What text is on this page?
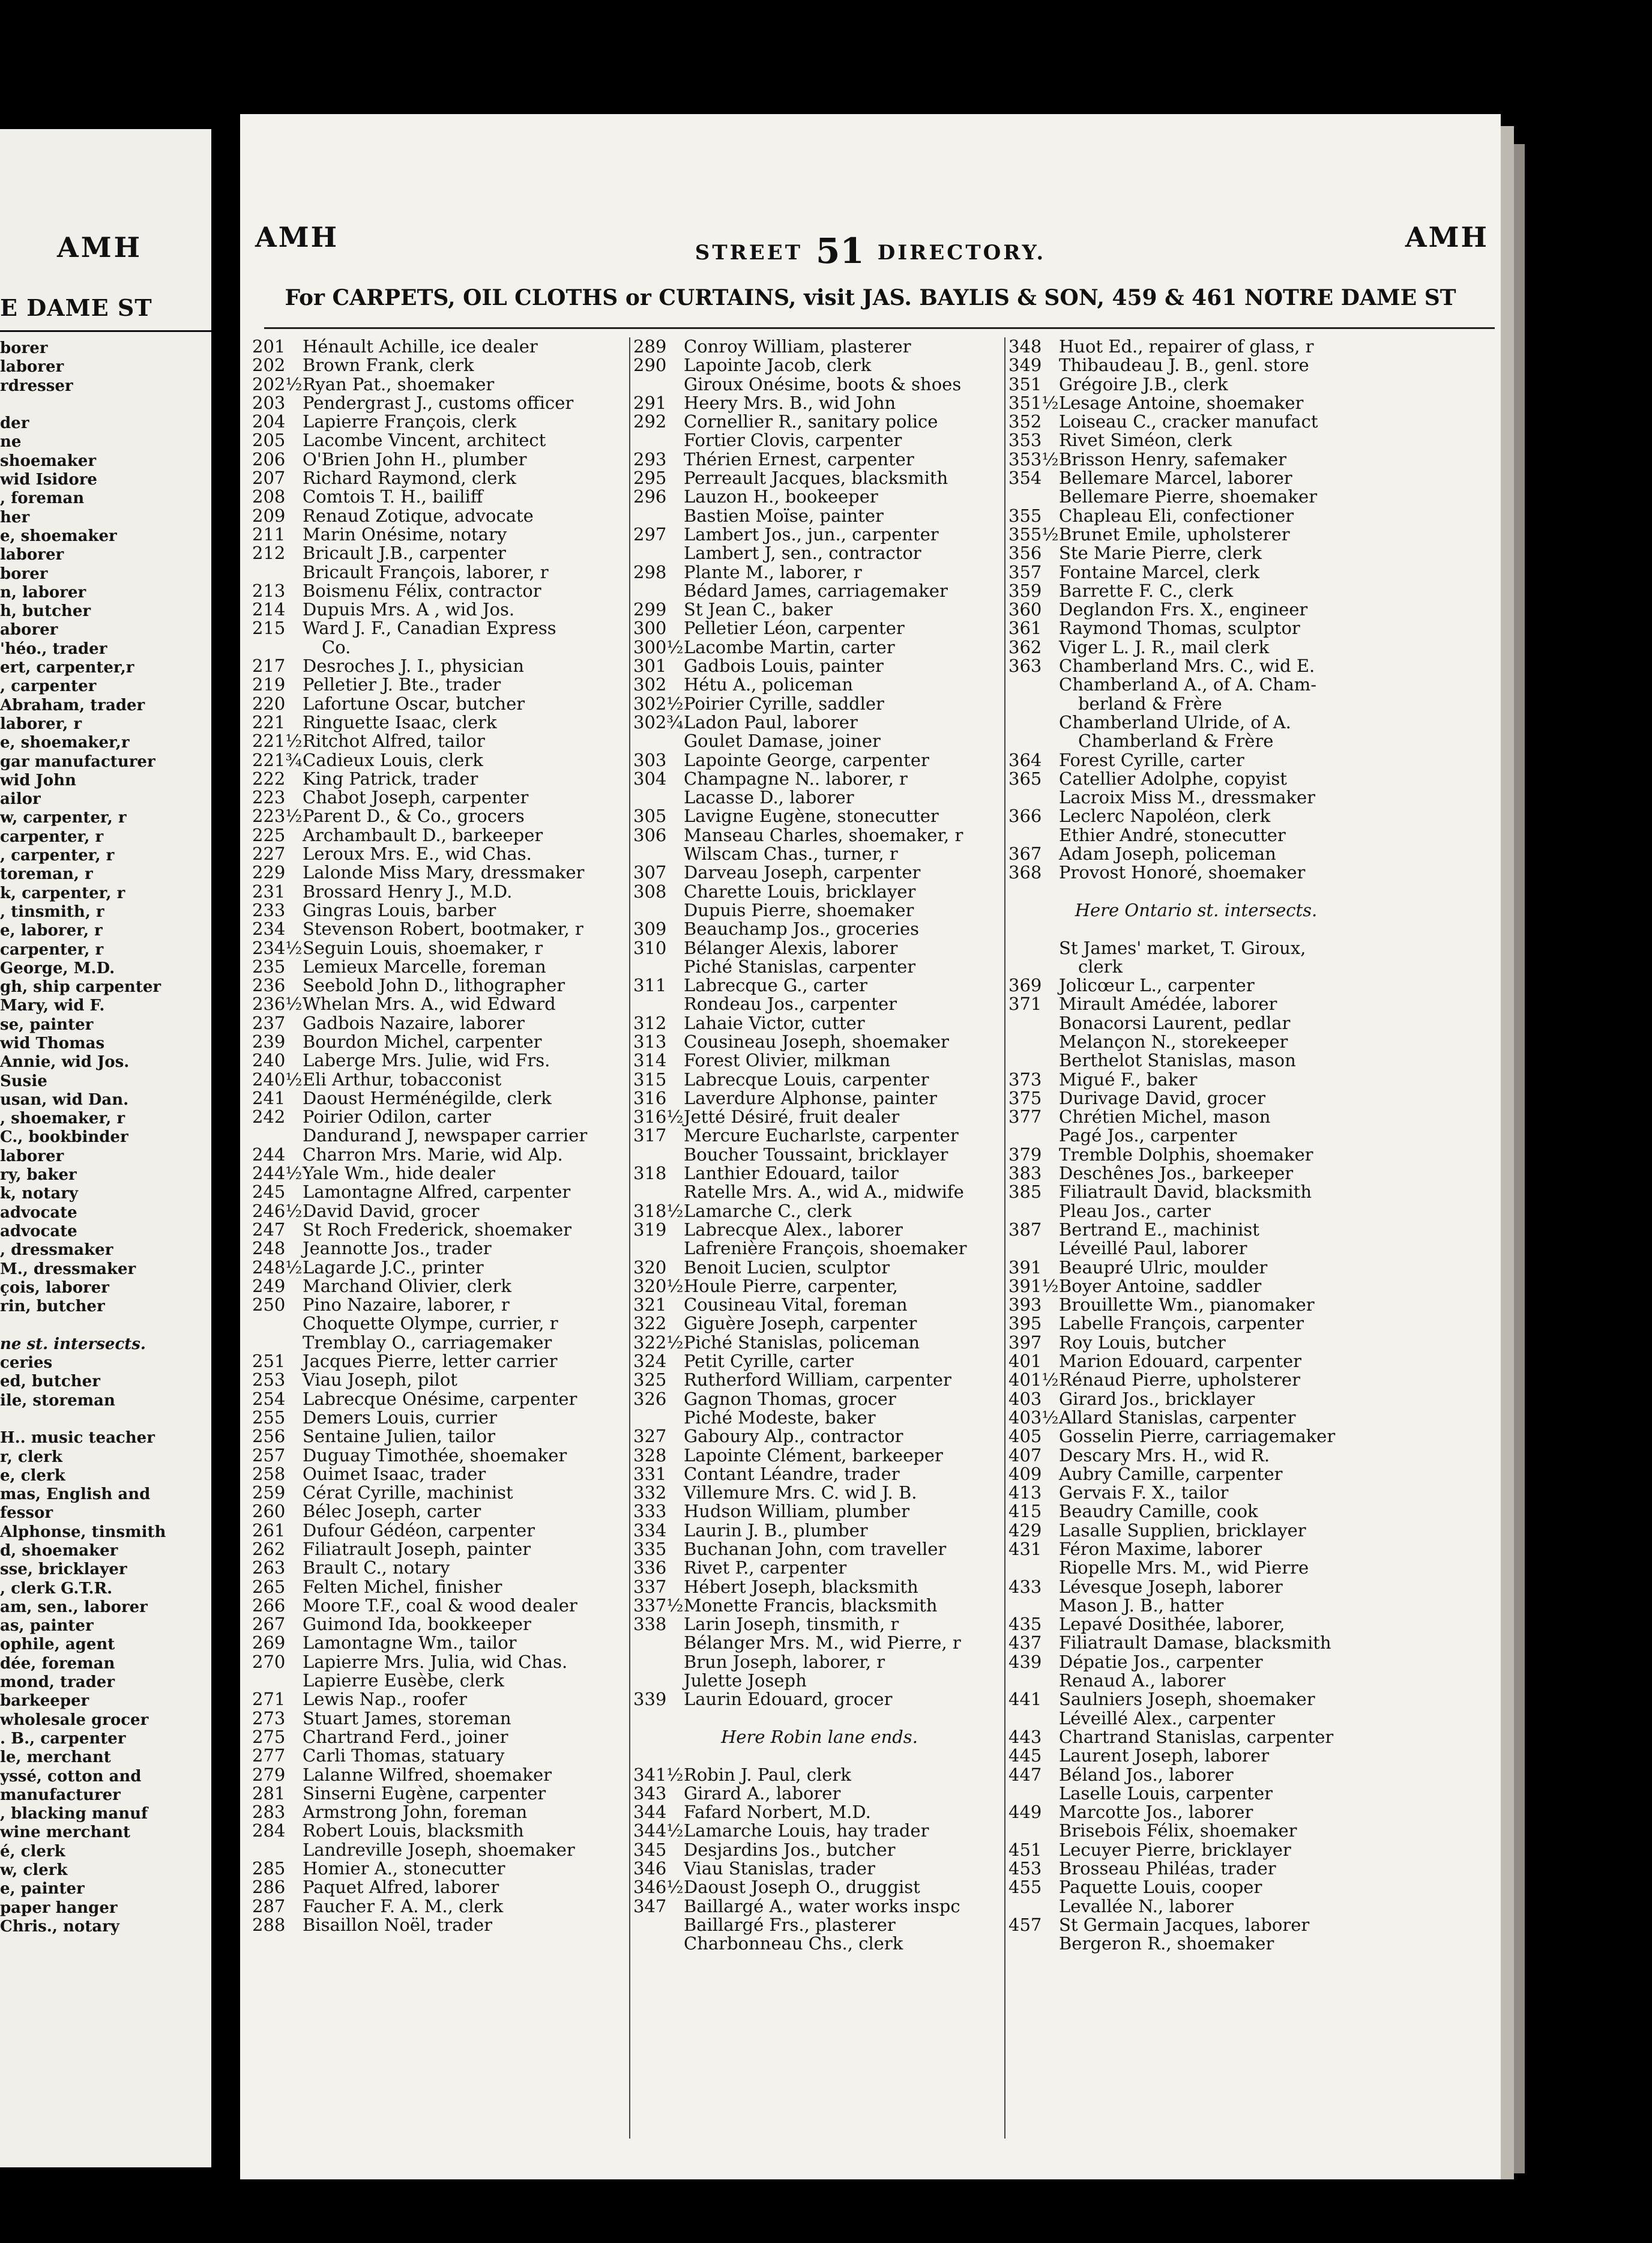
AMH
E DAME ST
borer
laborer
rdresser
der
ne
shoemaker
wid Isidore
, foreman
her
e, shoemaker
laborer
borer
n, laborer
h, butcher
aborer
'héo., trader
ert, carpenter,r
, carpenter
Abraham, trader
laborer, r
e, shoemaker,r
gar manufacturer
wid John
ailor
w, carpenter, r
carpenter, r
, carpenter, r
toreman, r
k, carpenter, r
, tinsmith, r
e, laborer, r
carpenter, r
George, M.D.
gh, ship carpenter
Mary, wid F.
se, painter
wid Thomas
Annie, wid Jos.
Susie
usan, wid Dan.
, shoemaker, r
C., bookbinder
laborer
ry, baker
k, notary
advocate
advocate
, dressmaker
M., dressmaker
çois, laborer
rin, butcher
ne st. intersects.
ceries
ed, butcher
ile, storeman
H.. music teacher
r, clerk
e, clerk
mas, English and
fessor
Alphonse, tinsmith
d, shoemaker
sse, bricklayer
, clerk G.T.R.
am, sen., laborer
as, painter
ophile, agent
dée, foreman
mond, trader
barkeeper
wholesale grocer
. B., carpenter
le, merchant
yssé, cotton and
manufacturer
, blacking manuf
wine merchant
é, clerk
w, clerk
e, painter
paper hanger
Chris., notary
AMH	STREET 51 DIRECTORY.	AMH
For CARPETS, OIL CLOTHS or CURTAINS, visit JAS. BAYLIS & SON, 459 & 461 NOTRE DAME ST
201 Hénault Achille, ice dealer
202 Brown Frank, clerk
202½Ryan Pat., shoemaker
203 Pendergrast J., customs officer
204 Lapierre François, clerk
205 Lacombe Vincent, architect
206 O'Brien John H., plumber
207 Richard Raymond, clerk
208 Comtois T. H., bailiff
209 Renaud Zotique, advocate
211 Marin Onésime, notary
212 Bricault J.B., carpenter
Bricault François, laborer, r
213 Boismenu Félix, contractor
214 Dupuis Mrs. A , wid Jos.
215 Ward J. F., Canadian Express
Co.
217 Desroches J. I., physician
219 Pelletier J. Bte., trader
220 Lafortune Oscar, butcher
221 Ringuette Isaac, clerk
221½Ritchot Alfred, tailor
221¾Cadieux Louis, clerk
222 King Patrick, trader
223 Chabot Joseph, carpenter
223½Parent D., & Co., grocers
225 Archambault D., barkeeper
227 Leroux Mrs. E., wid Chas.
229 Lalonde Miss Mary, dressmaker
231 Brossard Henry J., M.D.
233 Gingras Louis, barber
234 Stevenson Robert, bootmaker, r
234½Seguin Louis, shoemaker, r
235 Lemieux Marcelle, foreman
236 Seebold John D., lithographer
236½Whelan Mrs. A., wid Edward
237 Gadbois Nazaire, laborer
239 Bourdon Michel, carpenter
240 Laberge Mrs. Julie, wid Frs.
240½Eli Arthur, tobacconist
241 Daoust Herménégilde, clerk
242 Poirier Odilon, carter
Dandurand J, newspaper carrier
244 Charron Mrs. Marie, wid Alp.
244½Yale Wm., hide dealer
245 Lamontagne Alfred, carpenter
246½David David, grocer
247 St Roch Frederick, shoemaker
248 Jeannotte Jos., trader
248½Lagarde J.C., printer
249 Marchand Olivier, clerk
250 Pino Nazaire, laborer, r
Choquette Olympe, currier, r
Tremblay O., carriagemaker
251 Jacques Pierre, letter carrier
253 Viau Joseph, pilot
254 Labrecque Onésime, carpenter
255 Demers Louis, currier
256 Sentaine Julien, tailor
257 Duguay Timothée, shoemaker
258 Ouimet Isaac, trader
259 Cérat Cyrille, machinist
260 Bélec Joseph, carter
261 Dufour Gédéon, carpenter
262 Filiatrault Joseph, painter
263 Brault C., notary
265 Felten Michel, finisher
266 Moore T.F., coal & wood dealer
267 Guimond Ida, bookkeeper
269 Lamontagne Wm., tailor
270 Lapierre Mrs. Julia, wid Chas.
Lapierre Eusèbe, clerk
271 Lewis Nap., roofer
273 Stuart James, storeman
275 Chartrand Ferd., joiner
277 Carli Thomas, statuary
279 Lalanne Wilfred, shoemaker
281 Sinserni Eugène, carpenter
283 Armstrong John, foreman
284 Robert Louis, blacksmith
Landreville Joseph, shoemaker
285 Homier A., stonecutter
286 Paquet Alfred, laborer
287 Faucher F. A. M., clerk
288 Bisaillon Noël, trader
289 Conroy William, plasterer
290 Lapointe Jacob, clerk
Giroux Onésime, boots & shoes
291 Heery Mrs. B., wid John
292 Cornellier R., sanitary police
Fortier Clovis, carpenter
293 Thérien Ernest, carpenter
295 Perreault Jacques, blacksmith
296 Lauzon H., bookeeper
Bastien Moïse, painter
297 Lambert Jos., jun., carpenter
Lambert J, sen., contractor
298 Plante M., laborer, r
Bédard James, carriagemaker
299 St Jean C., baker
300 Pelletier Léon, carpenter
300½Lacombe Martin, carter
301 Gadbois Louis, painter
302 Hétu A., policeman
302½Poirier Cyrille, saddler
302¾Ladon Paul, laborer
Goulet Damase, joiner
303 Lapointe George, carpenter
304 Champagne N.. laborer, r
Lacasse D., laborer
305 Lavigne Eugène, stonecutter
306 Manseau Charles, shoemaker, r
Wilscam Chas., turner, r
307 Darveau Joseph, carpenter
308 Charette Louis, bricklayer
Dupuis Pierre, shoemaker
309 Beauchamp Jos., groceries
310 Bélanger Alexis, laborer
Piché Stanislas, carpenter
311 Labrecque G., carter
Rondeau Jos., carpenter
312 Lahaie Victor, cutter
313 Cousineau Joseph, shoemaker
314 Forest Olivier, milkman
315 Labrecque Louis, carpenter
316 Laverdure Alphonse, painter
316½Jetté Désiré, fruit dealer
317 Mercure Eucharlste, carpenter
Boucher Toussaint, bricklayer
318 Lanthier Edouard, tailor
Ratelle Mrs. A., wid A., midwife
318½Lamarche C., clerk
319 Labrecque Alex., laborer
Lafrenière François, shoemaker
320 Benoit Lucien, sculptor
320½Houle Pierre, carpenter,
321 Cousineau Vital, foreman
322 Giguère Joseph, carpenter
322½Piché Stanislas, policeman
324 Petit Cyrille, carter
325 Rutherford William, carpenter
326 Gagnon Thomas, grocer
Piché Modeste, baker
327 Gaboury Alp., contractor
328 Lapointe Clément, barkeeper
331 Contant Léandre, trader
332 Villemure Mrs. C. wid J. B.
333 Hudson William, plumber
334 Laurin J. B., plumber
335 Buchanan John, com traveller
336 Rivet P., carpenter
337 Hébert Joseph, blacksmith
337½Monette Francis, blacksmith
338 Larin Joseph, tinsmith, r
Bélanger Mrs. M., wid Pierre, r
Brun Joseph, laborer, r
Julette Joseph
339 Laurin Edouard, grocer
Here Robin lane ends.
341½Robin J. Paul, clerk
343 Girard A., laborer
344 Fafard Norbert, M.D.
344½Lamarche Louis, hay trader
345 Desjardins Jos., butcher
346 Viau Stanislas, trader
346½Daoust Joseph O., druggist
347 Baillargé A., water works inspc
Baillargé Frs., plasterer
Charbonneau Chs., clerk
348 Huot Ed., repairer of glass, r
349 Thibaudeau J. B., genl. store
351 Grégoire J.B., clerk
351½Lesage Antoine, shoemaker
352 Loiseau C., cracker manufact
353 Rivet Siméon, clerk
353½Brisson Henry, safemaker
354 Bellemare Marcel, laborer
Bellemare Pierre, shoemaker
355 Chapleau Eli, confectioner
355½Brunet Emile, upholsterer
356 Ste Marie Pierre, clerk
357 Fontaine Marcel, clerk
359 Barrette F. C., clerk
360 Deglandon Frs. X., engineer
361 Raymond Thomas, sculptor
362 Viger L. J. R., mail clerk
363 Chamberland Mrs. C., wid E.
Chamberland A., of A. Cham-
berland & Frère
Chamberland Ulride, of A.
Chamberland & Frère
364 Forest Cyrille, carter
365 Catellier Adolphe, copyist
Lacroix Miss M., dressmaker
366 Leclerc Napoléon, clerk
Ethier André, stonecutter
367 Adam Joseph, policeman
368 Provost Honoré, shoemaker
Here Ontario st. intersects.
St James' market, T. Giroux,
clerk
369 Jolicœur L., carpenter
371 Mirault Amédée, laborer
Bonacorsi Laurent, pedlar
Melançon N., storekeeper
Berthelot Stanislas, mason
373 Migué F., baker
375 Durivage David, grocer
377 Chrétien Michel, mason
Pagé Jos., carpenter
379 Tremble Dolphis, shoemaker
383 Deschênes Jos., barkeeper
385 Filiatrault David, blacksmith
Pleau Jos., carter
387 Bertrand E., machinist
Léveillé Paul, laborer
391 Beaupré Ulric, moulder
391½Boyer Antoine, saddler
393 Brouillette Wm., pianomaker
395 Labelle François, carpenter
397 Roy Louis, butcher
401 Marion Edouard, carpenter
401½Rénaud Pierre, upholsterer
403 Girard Jos., bricklayer
403½Allard Stanislas, carpenter
405 Gosselin Pierre, carriagemaker
407 Descary Mrs. H., wid R.
409 Aubry Camille, carpenter
413 Gervais F. X., tailor
415 Beaudry Camille, cook
429 Lasalle Supplien, bricklayer
431 Féron Maxime, laborer
Riopelle Mrs. M., wid Pierre
433 Lévesque Joseph, laborer
Mason J. B., hatter
435 Lepavé Dosithée, laborer,
437 Filiatrault Damase, blacksmith
439 Dépatie Jos., carpenter
Renaud A., laborer
441 Saulniers Joseph, shoemaker
Léveillé Alex., carpenter
443 Chartrand Stanislas, carpenter
445 Laurent Joseph, laborer
447 Béland Jos., laborer
Laselle Louis, carpenter
449 Marcotte Jos., laborer
Brisebois Félix, shoemaker
451 Lecuyer Pierre, bricklayer
453 Brosseau Philéas, trader
455 Paquette Louis, cooper
Levallée N., laborer
457 St Germain Jacques, laborer
Bergeron R., shoemaker
